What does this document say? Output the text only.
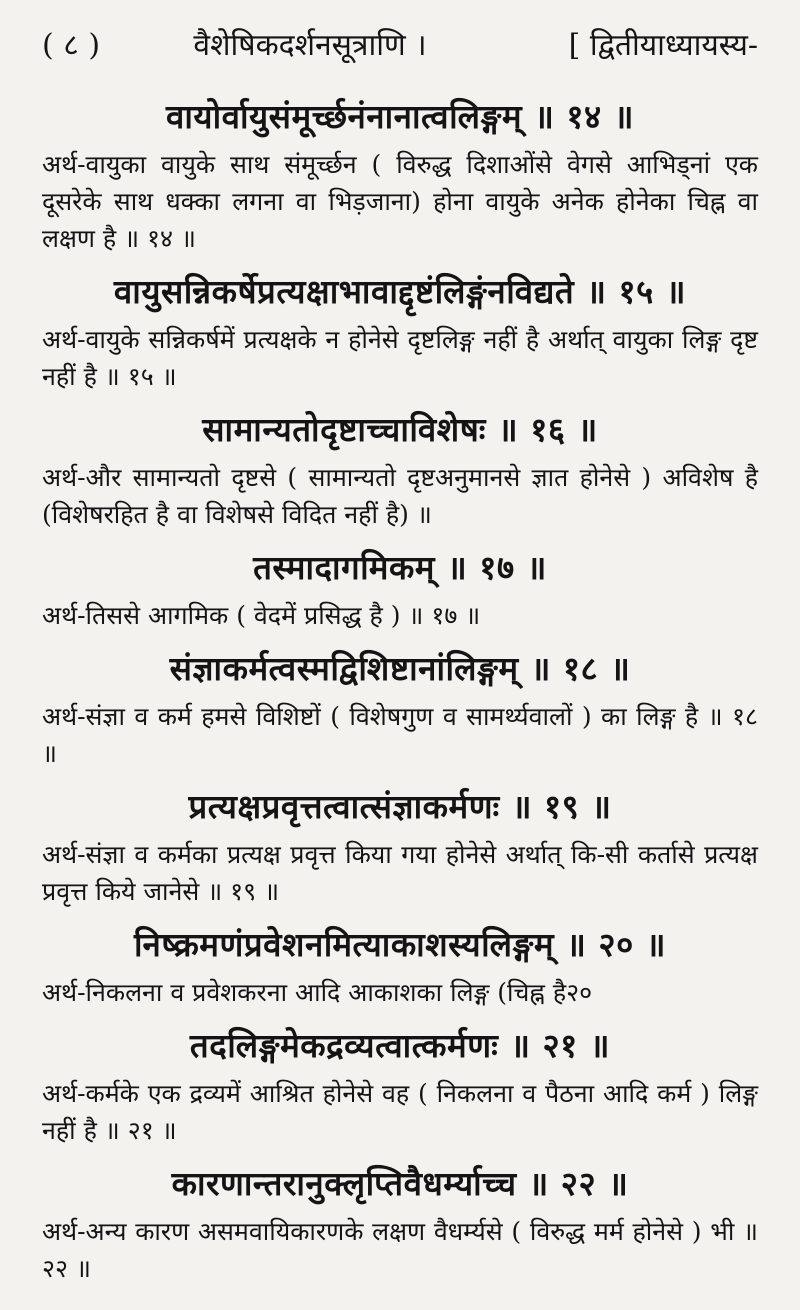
( ८ )	वैशेषिकदर्शनसूत्राणि ।	[ द्वितीयाध्यायस्य-
वायोर्वायुसंमूर्च्छनंनानात्वलिङ्गम् ॥ १४ ॥

अर्थ-वायुका वायुके साथ संमूर्च्छन ( विरुद्ध दिशाओंसे वेगसे आभिड्नां एक दूसरेके साथ धक्का लगना वा भिड़जाना) होना वायुके अनेक होनेका चिह्न वा लक्षण है ॥ १४ ॥

वायुसन्निकर्षेप्रत्यक्षाभावाद्दृष्टंलिङ्गंनविद्यते ॥ १५ ॥

अर्थ-वायुके सन्निकर्षमें प्रत्यक्षके न होनेसे दृष्टलिङ्ग नहीं है अर्थात् वायुका लिङ्ग दृष्ट नहीं है ॥ १५ ॥

सामान्यतोदृष्टाच्चाविशेषः ॥ १६ ॥

अर्थ-और सामान्यतो दृष्टसे ( सामान्यतो दृष्टअनुमानसे ज्ञात होनेसे ) अविशेष है (विशेषरहित है वा विशेषसे विदित नहीं है) ॥

तस्मादागमिकम् ॥ १७ ॥

अर्थ-तिससे आगमिक ( वेदमें प्रसिद्ध है ) ॥ १७ ॥

संज्ञाकर्मत्वस्मद्विशिष्टानांलिङ्गम् ॥ १८ ॥

अर्थ-संज्ञा व कर्म हमसे विशिष्टों ( विशेषगुण व सामर्थ्यवालों ) का लिङ्ग है ॥ १८ ॥

प्रत्यक्षप्रवृत्तत्वात्संज्ञाकर्मणः ॥ १९ ॥

अर्थ-संज्ञा व कर्मका प्रत्यक्ष प्रवृत्त किया गया होनेसे अर्थात् कि-सी कर्तासे प्रत्यक्ष प्रवृत्त किये जानेसे ॥ १९ ॥

निष्क्रमणंप्रवेशनमित्याकाशस्यलिङ्गम् ॥ २० ॥

अर्थ-निकलना व प्रवेशकरना आदि आकाशका लिङ्ग (चिह्न है२०

तदलिङ्गमेकद्रव्यत्वात्कर्मणः ॥ २१ ॥

अर्थ-कर्मके एक द्रव्यमें आश्रित होनेसे वह ( निकलना व पैठना आदि कर्म ) लिङ्ग नहीं है ॥ २१ ॥

कारणान्तरानुक्लृप्तिवैधर्म्याच्च ॥ २२ ॥

अर्थ-अन्य कारण असमवायिकारणके लक्षण वैधर्म्यसे ( विरुद्ध मर्म होनेसे ) भी ॥ २२ ॥
